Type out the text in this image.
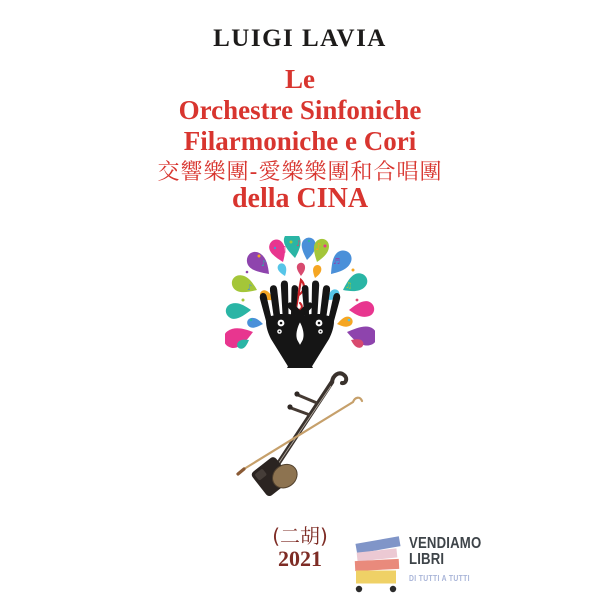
LUIGI LAVIA
Le
Orchestre Sinfoniche
Filarmoniche e Cori
交響樂團-愛樂樂團和合唱團
della CINA
♫	♪
♪	♬
♪	♫
♪
(二胡)
2021
VENDIAMO
LIBRI
DI TUTTI A TUTTI
